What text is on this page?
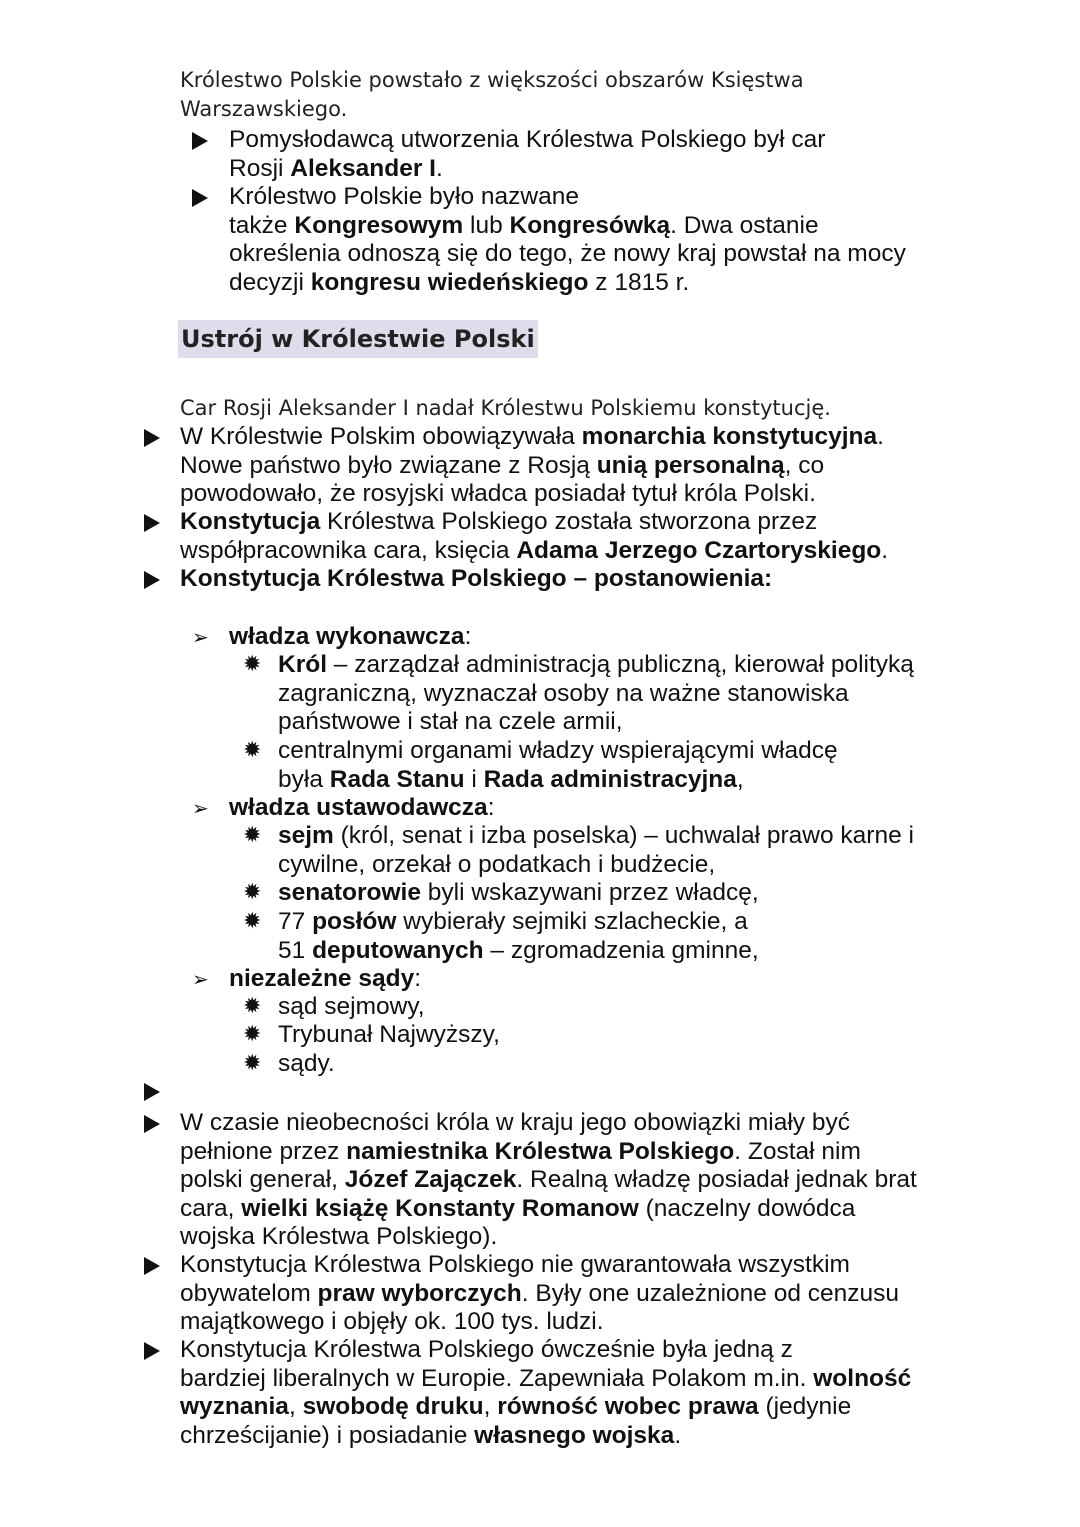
Królestwo Polskie powstało z większości obszarów Księstwa
Warszawskiego.
Pomysłodawcą utworzenia Królestwa Polskiego był car
Rosji Aleksander I.
Królestwo Polskie było nazwane
także Kongresowym lub Kongresówką. Dwa ostanie
określenia odnoszą się do tego, że nowy kraj powstał na mocy
decyzji kongresu wiedeńskiego z 1815 r.
Ustrój w Królestwie Polski
Car Rosji Aleksander I nadał Królestwu Polskiemu konstytucję.
W Królestwie Polskim obowiązywała monarchia konstytucyjna.
Nowe państwo było związane z Rosją unią personalną, co
powodowało, że rosyjski władca posiadał tytuł króla Polski.
Konstytucja Królestwa Polskiego została stworzona przez
współpracownika cara, księcia Adama Jerzego Czartoryskiego.
Konstytucja Królestwa Polskiego – postanowienia:
➢ władza wykonawcza:
✹ Król – zarządzał administracją publiczną, kierował polityką
zagraniczną, wyznaczał osoby na ważne stanowiska
państwowe i stał na czele armii,
✹ centralnymi organami władzy wspierającymi władcę
była Rada Stanu i Rada administracyjna,
➢ władza ustawodawcza:
✹ sejm (król, senat i izba poselska) – uchwalał prawo karne i
cywilne, orzekał o podatkach i budżecie,
✹ senatorowie byli wskazywani przez władcę,
✹ 77 posłów wybierały sejmiki szlacheckie, a
51 deputowanych – zgromadzenia gminne,
➢ niezależne sądy:
✹ sąd sejmowy,
✹ Trybunał Najwyższy,
✹ sądy.
W czasie nieobecności króla w kraju jego obowiązki miały być
pełnione przez namiestnika Królestwa Polskiego. Został nim
polski generał, Józef Zajączek. Realną władzę posiadał jednak brat
cara, wielki książę Konstanty Romanow (naczelny dowódca
wojska Królestwa Polskiego).
Konstytucja Królestwa Polskiego nie gwarantowała wszystkim
obywatelom praw wyborczych. Były one uzależnione od cenzusu
majątkowego i objęły ok. 100 tys. ludzi.
Konstytucja Królestwa Polskiego ówcześnie była jedną z
bardziej liberalnych w Europie. Zapewniała Polakom m.in. wolność
wyznania, swobodę druku, równość wobec prawa (jedynie
chrześcijanie) i posiadanie własnego wojska.
